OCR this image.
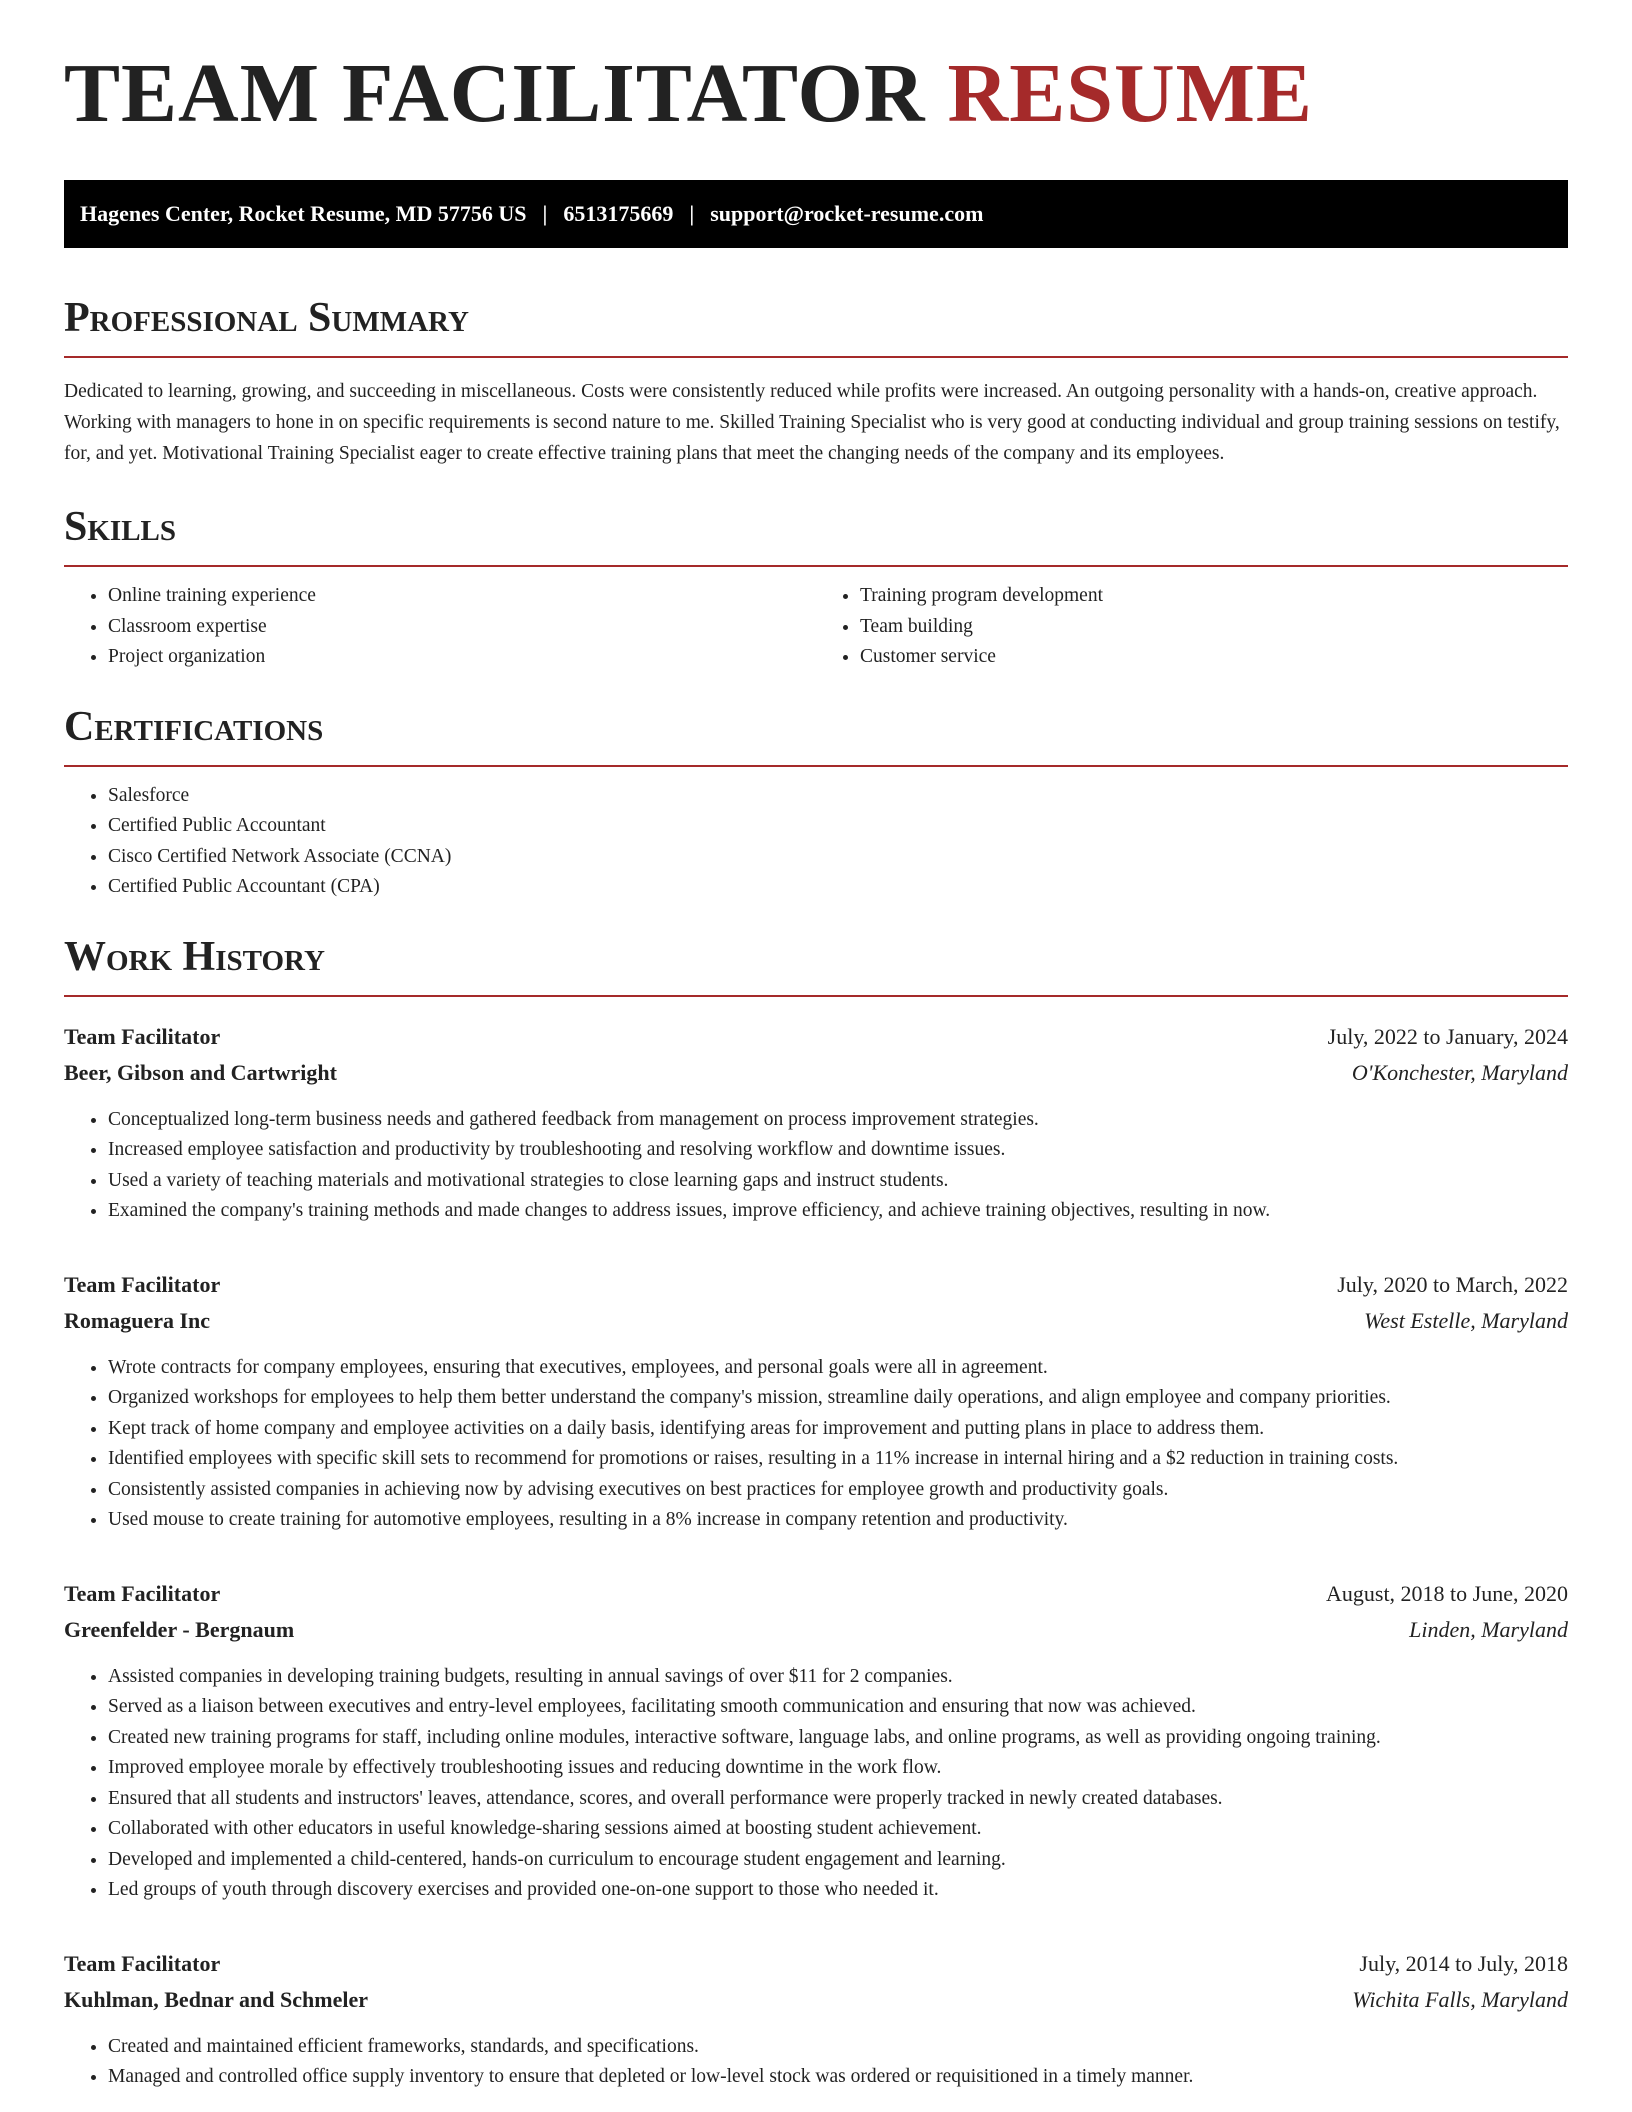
TEAM FACILITATOR RESUME
Hagenes Center, Rocket Resume, MD 57756 US | 6513175669 | support@rocket-resume.com
Professional Summary

Dedicated to learning, growing, and succeeding in miscellaneous. Costs were consistently reduced while profits were increased. An outgoing personality with a hands-on, creative approach. Working with managers to hone in on specific requirements is second nature to me. Skilled Training Specialist who is very good at conducting individual and group training sessions on testify, for, and yet. Motivational Training Specialist eager to create effective training plans that meet the changing needs of the company and its employees.

Skills
• Online training experience
• Classroom expertise
• Project organization
• Training program development
• Team building
• Customer service
Certifications
• Salesforce
• Certified Public Accountant
• Cisco Certified Network Associate (CCNA)
• Certified Public Accountant (CPA)
Work History
Team Facilitator	July, 2022 to January, 2024
Beer, Gibson and Cartwright	O'Konchester, Maryland
• Conceptualized long-term business needs and gathered feedback from management on process improvement strategies.
• Increased employee satisfaction and productivity by troubleshooting and resolving workflow and downtime issues.
• Used a variety of teaching materials and motivational strategies to close learning gaps and instruct students.
• Examined the company's training methods and made changes to address issues, improve efficiency, and achieve training objectives, resulting in now.
Team Facilitator	July, 2020 to March, 2022
Romaguera Inc	West Estelle, Maryland
• Wrote contracts for company employees, ensuring that executives, employees, and personal goals were all in agreement.
• Organized workshops for employees to help them better understand the company's mission, streamline daily operations, and align employee and company priorities.
• Kept track of home company and employee activities on a daily basis, identifying areas for improvement and putting plans in place to address them.
• Identified employees with specific skill sets to recommend for promotions or raises, resulting in a 11% increase in internal hiring and a $2 reduction in training costs.
• Consistently assisted companies in achieving now by advising executives on best practices for employee growth and productivity goals.
• Used mouse to create training for automotive employees, resulting in a 8% increase in company retention and productivity.
Team Facilitator	August, 2018 to June, 2020
Greenfelder - Bergnaum	Linden, Maryland
• Assisted companies in developing training budgets, resulting in annual savings of over $11 for 2 companies.
• Served as a liaison between executives and entry-level employees, facilitating smooth communication and ensuring that now was achieved.
• Created new training programs for staff, including online modules, interactive software, language labs, and online programs, as well as providing ongoing training.
• Improved employee morale by effectively troubleshooting issues and reducing downtime in the work flow.
• Ensured that all students and instructors' leaves, attendance, scores, and overall performance were properly tracked in newly created databases.
• Collaborated with other educators in useful knowledge-sharing sessions aimed at boosting student achievement.
• Developed and implemented a child-centered, hands-on curriculum to encourage student engagement and learning.
• Led groups of youth through discovery exercises and provided one-on-one support to those who needed it.
Team Facilitator	July, 2014 to July, 2018
Kuhlman, Bednar and Schmeler	Wichita Falls, Maryland
• Created and maintained efficient frameworks, standards, and specifications.
• Managed and controlled office supply inventory to ensure that depleted or low-level stock was ordered or requisitioned in a timely manner.
